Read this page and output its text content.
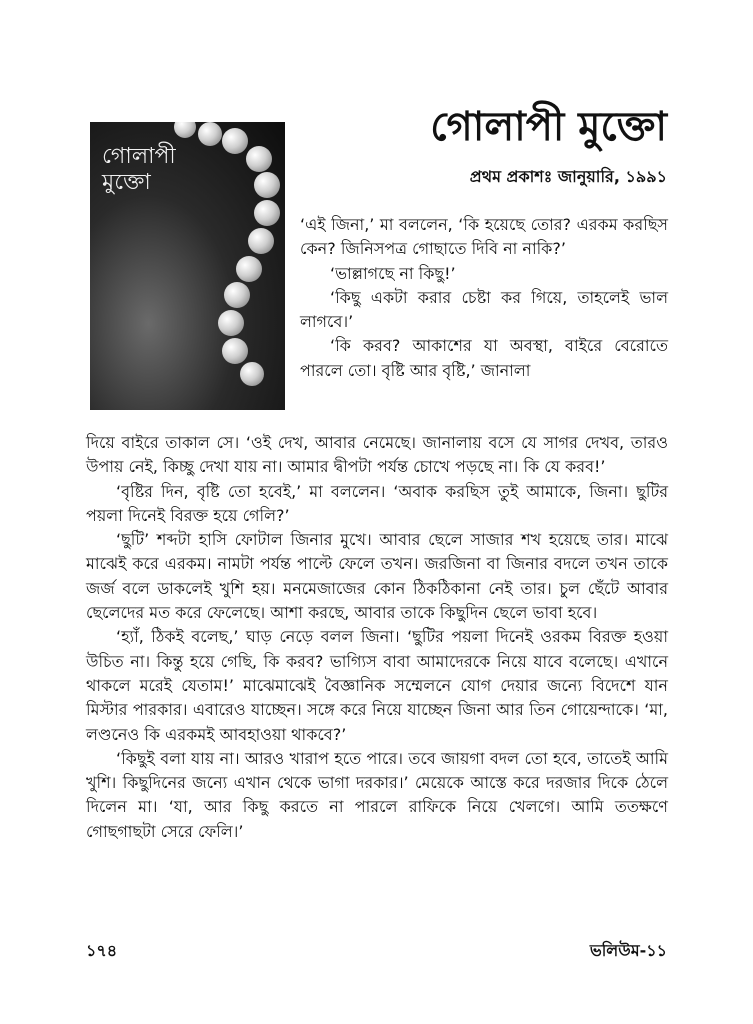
গোলাপী মুক্তো
গোলাপী মুক্তো
প্রথম প্রকাশঃ জানুয়ারি, ১৯৯১

‘এই জিনা,’ মা বললেন, ‘কি হয়েছে তোর? এরকম করছিস কেন? জিনিসপত্র গোছাতে দিবি না নাকি?’

‘ভাল্লাগছে না কিছু!’

‘কিছু একটা করার চেষ্টা কর গিয়ে, তাহলেই ভাল লাগবে।’

‘কি করব? আকাশের যা অবস্থা, বাইরে বেরোতে পারলে তো। বৃষ্টি আর বৃষ্টি,’ জানালা

দিয়ে বাইরে তাকাল সে। ‘ওই দেখ, আবার নেমেছে। জানালায় বসে যে সাগর দেখব, তারও উপায় নেই, কিচ্ছু দেখা যায় না। আমার দ্বীপটা পর্যন্ত চোখে পড়ছে না। কি যে করব!’

‘বৃষ্টির দিন, বৃষ্টি তো হবেই,’ মা বললেন। ‘অবাক করছিস তুই আমাকে, জিনা। ছুটির পয়লা দিনেই বিরক্ত হয়ে গেলি?’

‘ছুটি’ শব্দটা হাসি ফোটাল জিনার মুখে। আবার ছেলে সাজার শখ হয়েছে তার। মাঝে মাঝেই করে এরকম। নামটা পর্যন্ত পাল্টে ফেলে তখন। জরজিনা বা জিনার বদলে তখন তাকে জর্জ বলে ডাকলেই খুশি হয়। মনমেজাজের কোন ঠিকঠিকানা নেই তার। চুল ছেঁটে আবার ছেলেদের মত করে ফেলেছে। আশা করছে, আবার তাকে কিছুদিন ছেলে ভাবা হবে।

‘হ্যাঁ, ঠিকই বলেছ,’ ঘাড় নেড়ে বলল জিনা। ‘ছুটির পয়লা দিনেই ওরকম বিরক্ত হওয়া উচিত না। কিন্তু হয়ে গেছি, কি করব? ভাগ্যিস বাবা আমাদেরকে নিয়ে যাবে বলেছে। এখানে থাকলে মরেই যেতাম!’ মাঝেমাঝেই বৈজ্ঞানিক সম্মেলনে যোগ দেয়ার জন্যে বিদেশে যান মিস্টার পারকার। এবারেও যাচ্ছেন। সঙ্গে করে নিয়ে যাচ্ছেন জিনা আর তিন গোয়েন্দাকে। ‘মা, লণ্ডনেও কি এরকমই আবহাওয়া থাকবে?’

‘কিছুই বলা যায় না। আরও খারাপ হতে পারে। তবে জায়গা বদল তো হবে, তাতেই আমি খুশি। কিছুদিনের জন্যে এখান থেকে ভাগা দরকার।’ মেয়েকে আস্তে করে দরজার দিকে ঠেলে দিলেন মা। ‘যা, আর কিছু করতে না পারলে রাফিকে নিয়ে খেলগে। আমি ততক্ষণে গোছগাছটা সেরে ফেলি।’

১৭৪	ভলিউম-১১
